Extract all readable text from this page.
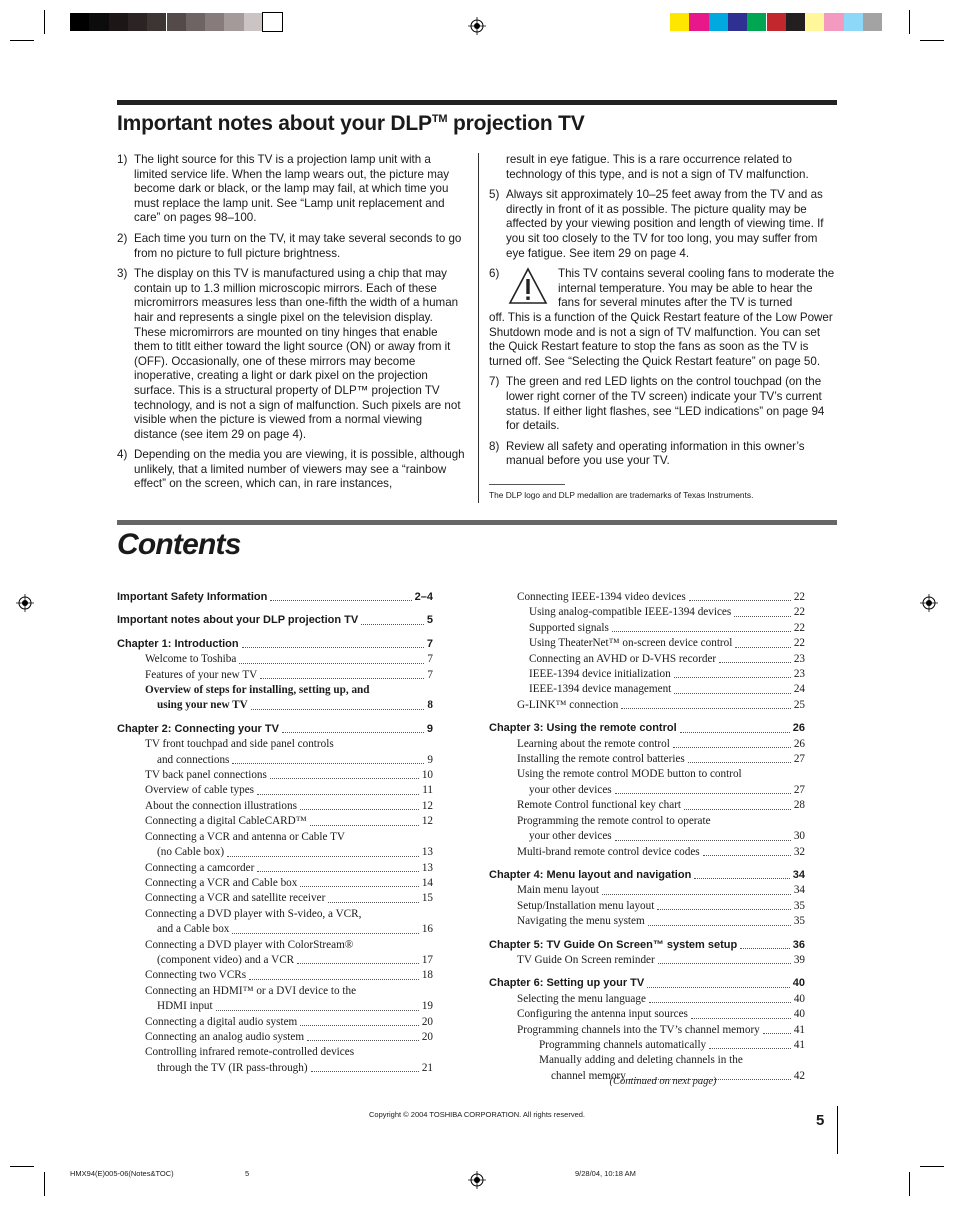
Important notes about your DLP™ projection TV
1) The light source for this TV is a projection lamp unit with a limited service life. When the lamp wears out, the picture may become dark or black, or the lamp may fail, at which time you must replace the lamp unit. See “Lamp unit replacement and care” on pages 98–100.
2) Each time you turn on the TV, it may take several seconds to go from no picture to full picture brightness.
3) The display on this TV is manufactured using a chip that may contain up to 1.3 million microscopic mirrors. Each of these micromirrors measures less than one-fifth the width of a human hair and represents a single pixel on the television display. These micromirrors are mounted on tiny hinges that enable them to titlt either toward the light source (ON) or away from it (OFF). Occasionally, one of these mirrors may become inoperative, creating a light or dark pixel on the projection surface. This is a structural property of DLP™ projection TV technology, and is not a sign of malfunction. Such pixels are not visible when the picture is viewed from a normal viewing distance (see item 29 on page 4).
4) Depending on the media you are viewing, it is possible, although unlikely, that a limited number of viewers may see a “rainbow effect” on the screen, which can, in rare instances,
result in eye fatigue. This is a rare occurrence related to technology of this type, and is not a sign of TV malfunction.
5) Always sit approximately 10–25 feet away from the TV and as directly in front of it as possible. The picture quality may be affected by your viewing position and length of viewing time. If you sit too closely to the TV for too long, you may suffer from eye fatigue. See item 29 on page 4.
6)	This TV contains several cooling fans to moderate the internal temperature. You may be able to hear the fans for several minutes after the TV is turned
off. This is a function of the Quick Restart feature of the Low Power Shutdown mode and is not a sign of TV malfunction. You can set the Quick Restart feature to stop the fans as soon as the TV is turned off. See “Selecting the Quick Restart feature” on page 50.
7) The green and red LED lights on the control touchpad (on the lower right corner of the TV screen) indicate your TV’s current status. If either light flashes, see “LED indications” on page 94 for details.
8) Review all safety and operating information in this owner’s manual before you use your TV.
The DLP logo and DLP medallion are trademarks of Texas Instruments.
Contents
Important Safety Information	2–4
Important notes about your DLP projection TV	5
Chapter 1: Introduction	7
Welcome to Toshiba	7
Features of your new TV	7
Overview of steps for installing, setting up, and
using your new TV	8
Chapter 2: Connecting your TV	9
TV front touchpad and side panel controls
and connections	9
TV back panel connections	10
Overview of cable types	11
About the connection illustrations	12
Connecting a digital CableCARD™	12
Connecting a VCR and antenna or Cable TV
(no Cable box)	13
Connecting a camcorder	13
Connecting a VCR and Cable box	14
Connecting a VCR and satellite receiver	15
Connecting a DVD player with S-video, a VCR,
and a Cable box	16
Connecting a DVD player with ColorStream®
(component video) and a VCR	17
Connecting two VCRs	18
Connecting an HDMI™ or a DVI device to the
HDMI input	19
Connecting a digital audio system	20
Connecting an analog audio system	20
Controlling infrared remote-controlled devices
through the TV (IR pass-through)	21
Connecting IEEE-1394 video devices	22
Using analog-compatible IEEE-1394 devices	22
Supported signals	22
Using TheaterNet™ on-screen device control	22
Connecting an AVHD or D-VHS recorder	23
IEEE-1394 device initialization	23
IEEE-1394 device management	24
G-LINK™ connection	25
Chapter 3: Using the remote control	26
Learning about the remote control	26
Installing the remote control batteries	27
Using the remote control MODE button to control
your other devices	27
Remote Control functional key chart	28
Programming the remote control to operate
your other devices	30
Multi-brand remote control device codes	32
Chapter 4: Menu layout and navigation	34
Main menu layout	34
Setup/Installation menu layout	35
Navigating the menu system	35
Chapter 5: TV Guide On Screen™ system setup	36
TV Guide On Screen reminder	39
Chapter 6: Setting up your TV	40
Selecting the menu language	40
Configuring the antenna input sources	40
Programming channels into the TV’s channel memory	41
Programming channels automatically	41
Manually adding and deleting channels in the
channel memory	42
(Continued on next page)
Copyright © 2004 TOSHIBA CORPORATION. All rights reserved.	5
HMX94(E)005-06(Notes&TOC)	5	9/28/04, 10:18 AM
